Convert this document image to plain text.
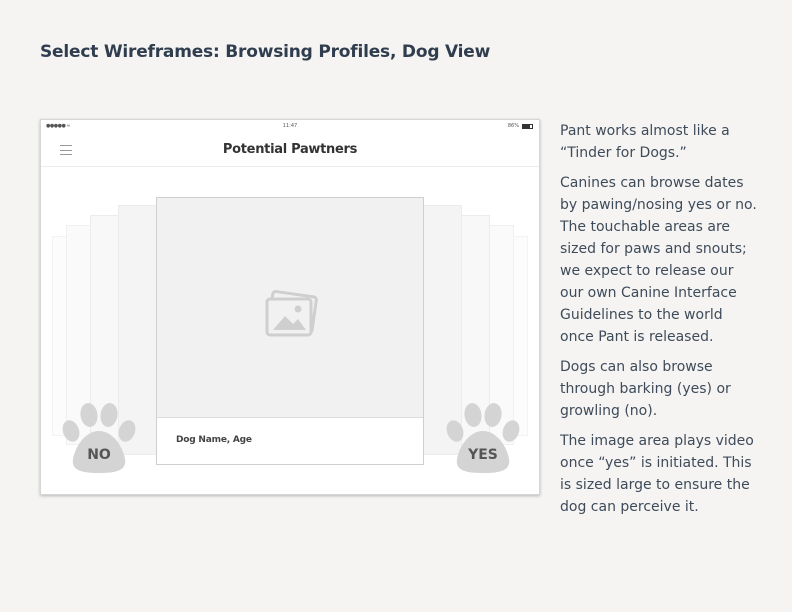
Select Wireframes: Browsing Profiles, Dog View
●●●●● ≈	11:47	86%
Potential Pawtners
Dog Name, Age
NO	YES

Pant works almost like a “Tinder for Dogs.”

Canines can browse dates by pawing/nosing yes or no. The touchable areas are sized for paws and snouts; we expect to release our our own Canine Interface Guidelines to the world once Pant is released.

Dogs can also browse through barking (yes) or growling (no).

The image area plays video once “yes” is initiated. This is sized large to ensure the dog can perceive it.
